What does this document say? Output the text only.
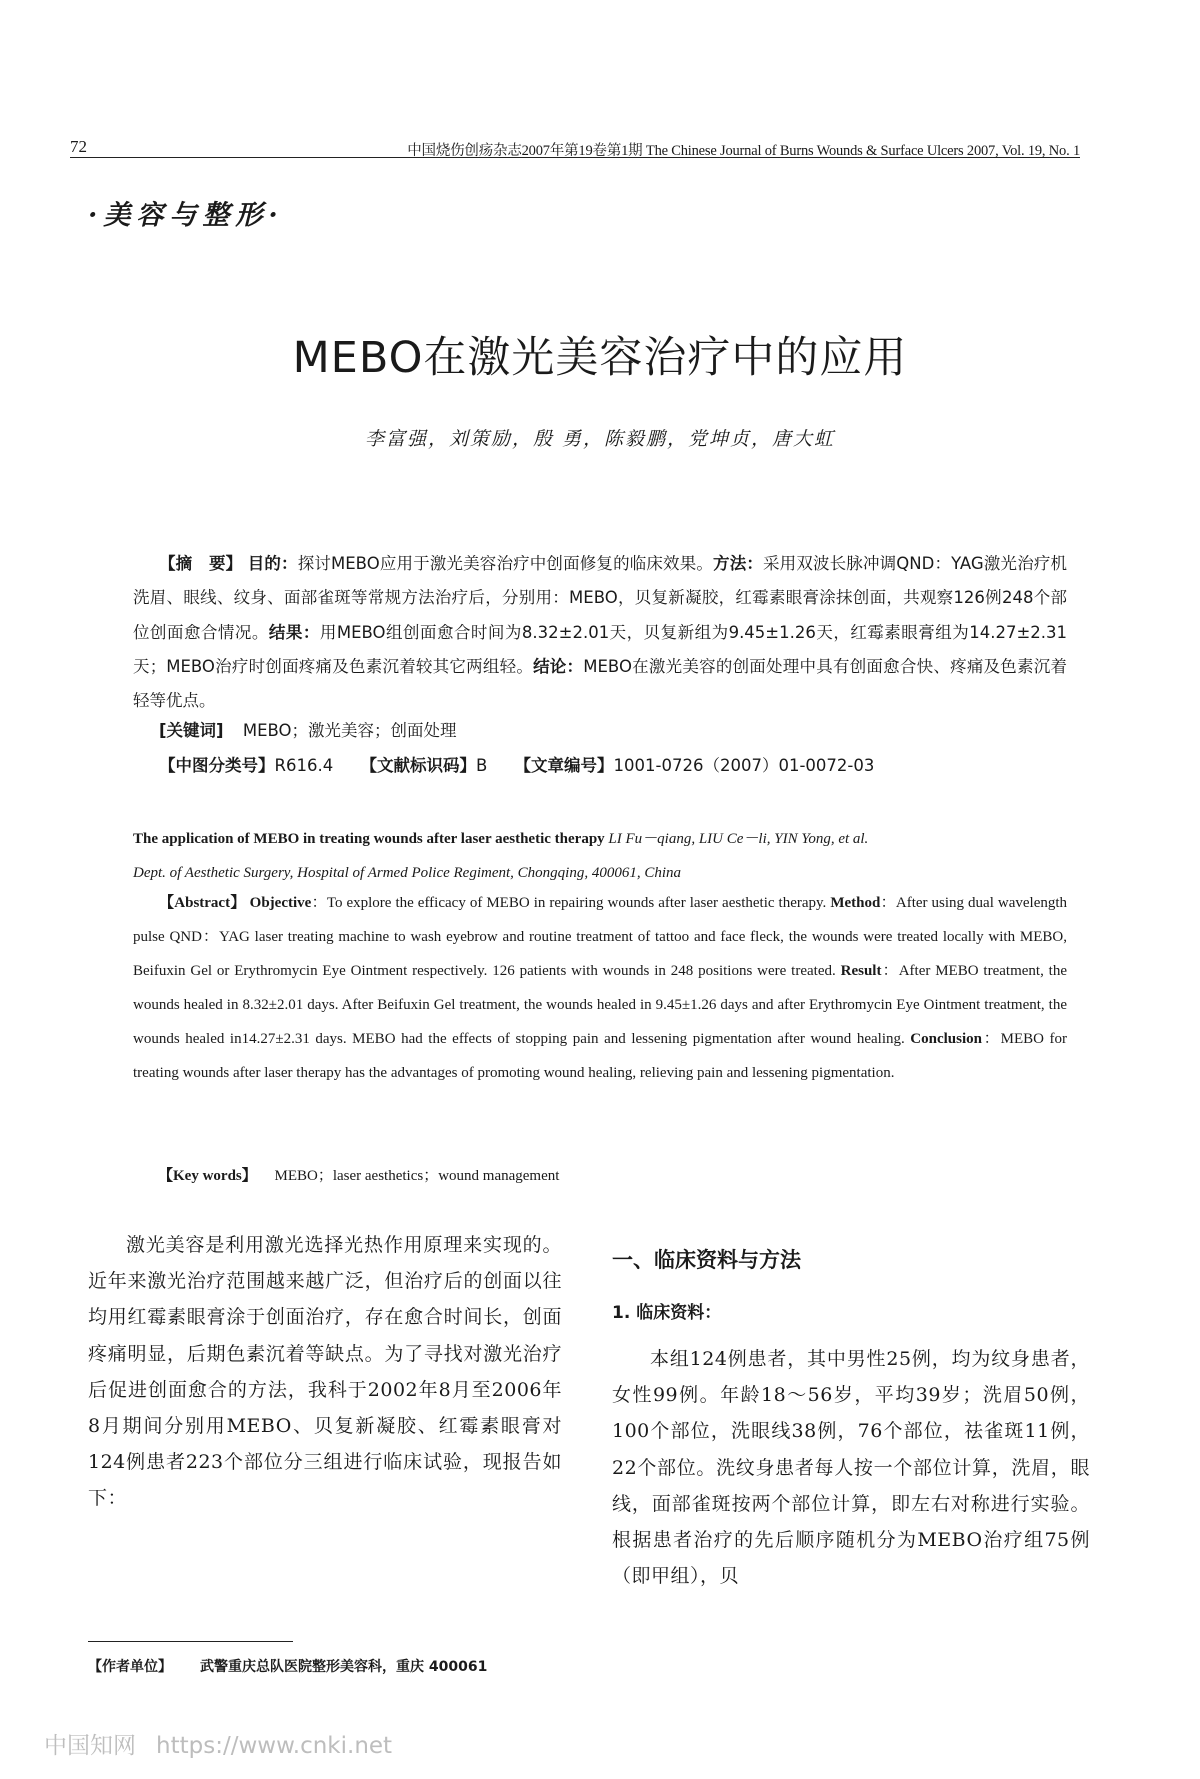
72	中国烧伤创疡杂志2007年第19卷第1期 The Chinese Journal of Burns Wounds & Surface Ulcers 2007, Vol. 19, No. 1
·美容与整形·
MEBO在激光美容治疗中的应用
李富强，刘策励，殷 勇，陈毅鹏，党坤贞，唐大虹
【摘　要】 目的：探讨MEBO应用于激光美容治疗中创面修复的临床效果。方法：采用双波长脉冲调QND：YAG激光治疗机洗眉、眼线、纹身、面部雀斑等常规方法治疗后，分别用：MEBO，贝复新凝胶，红霉素眼膏涂抹创面，共观察126例248个部位创面愈合情况。结果：用MEBO组创面愈合时间为8.32±2.01天，贝复新组为9.45±1.26天，红霉素眼膏组为14.27±2.31天；MEBO治疗时创面疼痛及色素沉着较其它两组轻。结论：MEBO在激光美容的创面处理中具有创面愈合快、疼痛及色素沉着轻等优点。
[关键词] MEBO；激光美容；创面处理
【中图分类号】R616.4 【文献标识码】B 【文章编号】1001-0726（2007）01-0072-03
The application of MEBO in treating wounds after laser aesthetic therapy LI Fu－qiang, LIU Ce－li, YIN Yong, et al.
Dept. of Aesthetic Surgery, Hospital of Armed Police Regiment, Chongqing, 400061, China
【Abstract】 Objective：To explore the efficacy of MEBO in repairing wounds after laser aesthetic therapy. Method：After using dual wavelength pulse QND：YAG laser treating machine to wash eyebrow and routine treatment of tattoo and face fleck, the wounds were treated locally with MEBO, Beifuxin Gel or Erythromycin Eye Ointment respectively. 126 patients with wounds in 248 positions were treated. Result：After MEBO treatment, the wounds healed in 8.32±2.01 days. After Beifuxin Gel treatment, the wounds healed in 9.45±1.26 days and after Erythromycin Eye Ointment treatment, the wounds healed in14.27±2.31 days. MEBO had the effects of stopping pain and lessening pigmentation after wound healing. Conclusion：MEBO for treating wounds after laser therapy has the advantages of promoting wound healing, relieving pain and lessening pigmentation.
【Key words】 MEBO；laser aesthetics；wound management

激光美容是利用激光选择光热作用原理来实现的。近年来激光治疗范围越来越广泛，但治疗后的创面以往均用红霉素眼膏涂于创面治疗，存在愈合时间长，创面疼痛明显，后期色素沉着等缺点。为了寻找对激光治疗后促进创面愈合的方法，我科于2002年8月至2006年8月期间分别用MEBO、贝复新凝胶、红霉素眼膏对124例患者223个部位分三组进行临床试验，现报告如下：

一、临床资料与方法
1. 临床资料：

本组124例患者，其中男性25例，均为纹身患者，女性99例。年龄18～56岁，平均39岁；洗眉50例，100个部位，洗眼线38例，76个部位，祛雀斑11例，22个部位。洗纹身患者每人按一个部位计算，洗眉，眼线，面部雀斑按两个部位计算，即左右对称进行实验。根据患者治疗的先后顺序随机分为MEBO治疗组75例（即甲组），贝

【作者单位】 武警重庆总队医院整形美容科，重庆 400061
中国知网 https://www.cnki.net
